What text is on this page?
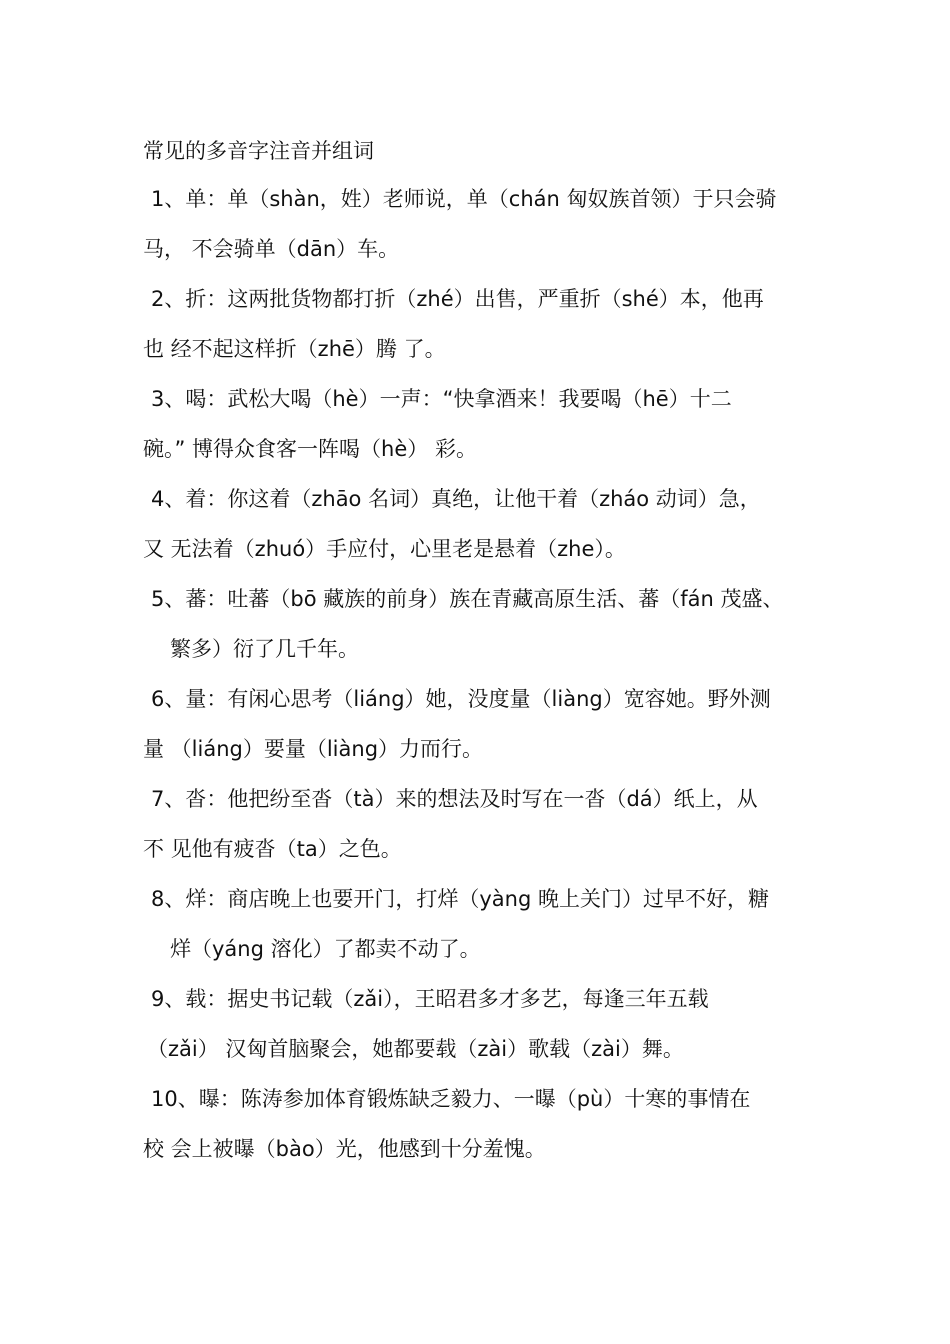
常见的多音字注音并组词
1、单：单（shàn，姓）老师说，单（chán 匈奴族首领）于只会骑
马， 不会骑单（dān）车。
2、折：这两批货物都打折（zhé）出售，严重折（shé）本，他再
也 经不起这样折（zhē）腾 了。
3、喝：武松大喝（hè）一声：“快拿酒来！我要喝（hē）十二
碗。” 博得众食客一阵喝（hè） 彩。
4、着：你这着（zhāo 名词）真绝，让他干着（zháo 动词）急，
又 无法着（zhuó）手应付，心里老是悬着（zhe）。
5、蕃：吐蕃（bō 藏族的前身）族在青藏高原生活、蕃（fán 茂盛、
繁多）衍了几千年。
6、量：有闲心思考（liáng）她，没度量（liàng）宽容她。野外测
量 （liáng）要量（liàng）力而行。
7、沓：他把纷至沓（tà）来的想法及时写在一沓（dá）纸上，从
不 见他有疲沓（ta）之色。
8、烊：商店晚上也要开门，打烊（yàng 晚上关门）过早不好，糖
烊（yáng 溶化）了都卖不动了。
9、载：据史书记载（zǎi），王昭君多才多艺，每逢三年五载
（zǎi） 汉匈首脑聚会，她都要载（zài）歌载（zài）舞。
10、曝：陈涛参加体育锻炼缺乏毅力、一曝（pù）十寒的事情在
校 会上被曝（bào）光，他感到十分羞愧。
